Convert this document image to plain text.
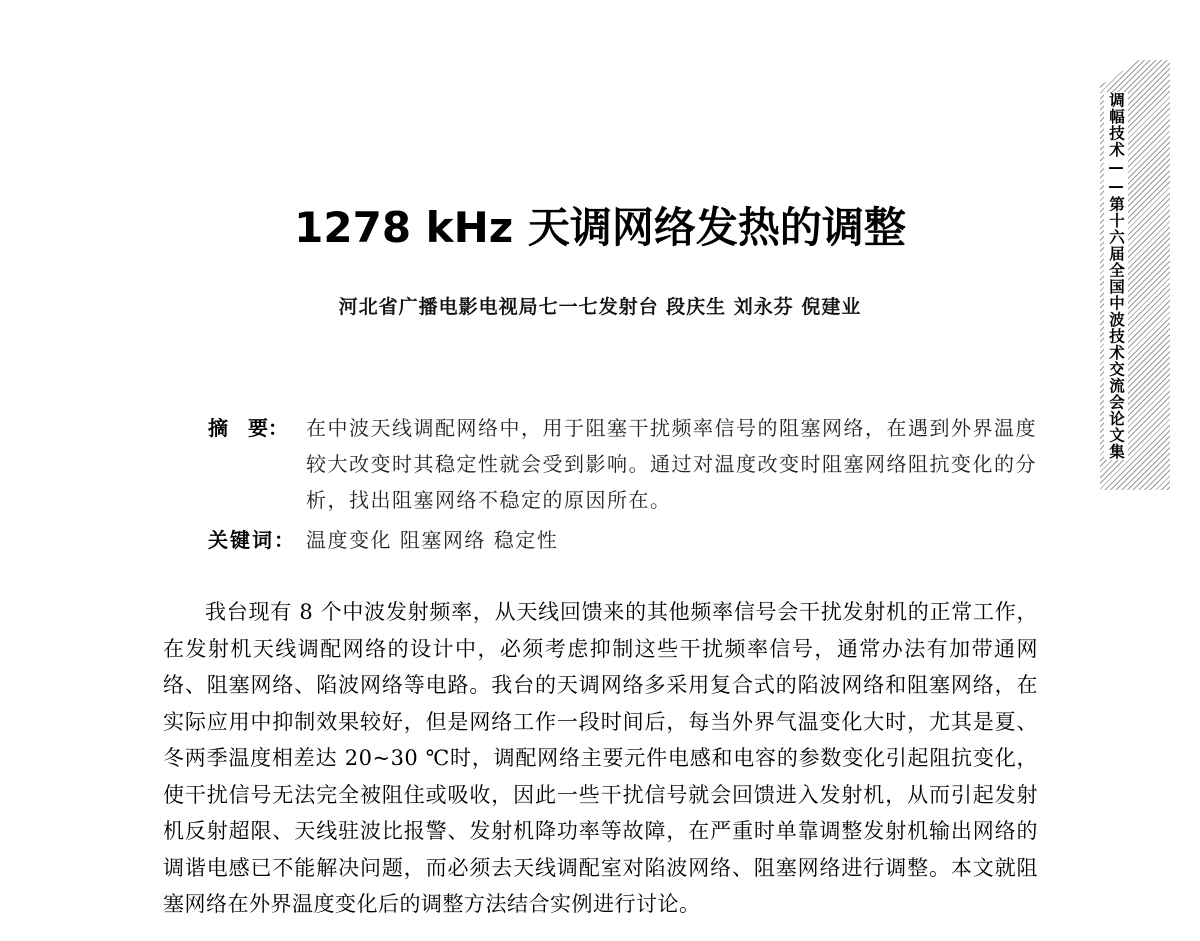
调幅技术——第十六届全国中波技术交流会论文集
1278 kHz 天调网络发热的调整
河北省广播电影电视局七一七发射台 段庆生 刘永芬 倪建业
摘　要： 在中波天线调配网络中，用于阻塞干扰频率信号的阻塞网络，在遇到外界温度较大改变时其稳定性就会受到影响。通过对温度改变时阻塞网络阻抗变化的分析，找出阻塞网络不稳定的原因所在。
关键词： 温度变化 阻塞网络 稳定性
我台现有 8 个中波发射频率，从天线回馈来的其他频率信号会干扰发射机的正常工作，在发射机天线调配网络的设计中，必须考虑抑制这些干扰频率信号，通常办法有加带通网络、阻塞网络、陷波网络等电路。我台的天调网络多采用复合式的陷波网络和阻塞网络，在实际应用中抑制效果较好，但是网络工作一段时间后，每当外界气温变化大时，尤其是夏、冬两季温度相差达 20~30 ℃时，调配网络主要元件电感和电容的参数变化引起阻抗变化，使干扰信号无法完全被阻住或吸收，因此一些干扰信号就会回馈进入发射机，从而引起发射机反射超限、天线驻波比报警、发射机降功率等故障，在严重时单靠调整发射机输出网络的调谐电感已不能解决问题，而必须去天线调配室对陷波网络、阻塞网络进行调整。本文就阻塞网络在外界温度变化后的调整方法结合实例进行讨论。
